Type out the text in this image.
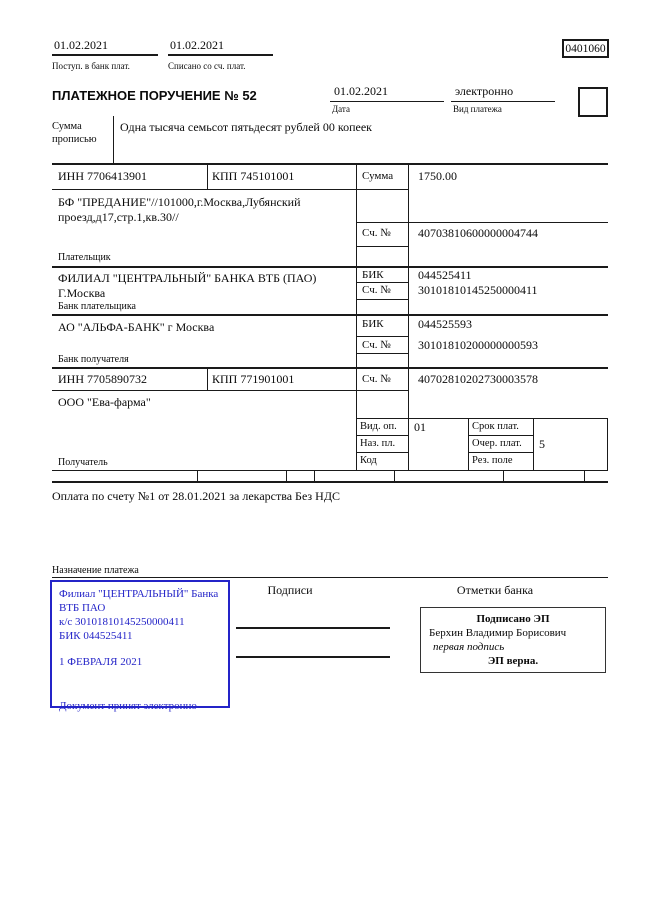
01.02.2021
Поступ. в банк плат.
01.02.2021
Списано со сч. плат.
0401060
ПЛАТЕЖНОЕ ПОРУЧЕНИЕ № 52	01.02.2021
Дата
электронно
Вид платежа
Сумма прописью
Одна тысяча семьсот пятьдесят рублей 00 копеек
ИНН 7706413901	КПП 745101001	Сумма 1750.00
БФ "ПРЕДАНИЕ"//101000,г.Москва,Лубянский проезд,д17,стр.1,кв.30//
Сч. № 40703810600000004744
Плательщик
ФИЛИАЛ "ЦЕНТРАЛЬНЫЙ" БАНКА ВТБ (ПАО) Г.Москва
БИК	044525411
Сч. № 30101810145250000411
Банк плательщика
АО "АЛЬФА-БАНК" г Москва	БИК	044525593
Сч. № 30101810200000000593
Банк получателя
ИНН 7705890732	КПП 771901001	Сч. № 40702810202730003578
ООО "Ева-фарма"
Получатель
Вид. оп. 01	Срок плат.
Наз. пл.	Очер. плат. 5
Код	Рез. поле
Оплата по счету №1 от 28.01.2021 за лекарства Без НДС
Назначение платежа
Филиал "ЦЕНТРАЛЬНЫЙ" Банка
ВТБ ПАО
к/с 30101810145250000411
БИК 044525411
1 ФЕВРАЛЯ 2021
Документ принят электронно
Подписи	Отметки банка
Подписано ЭП
Берхин Владимир Борисович
первая подпись
ЭП верна.
